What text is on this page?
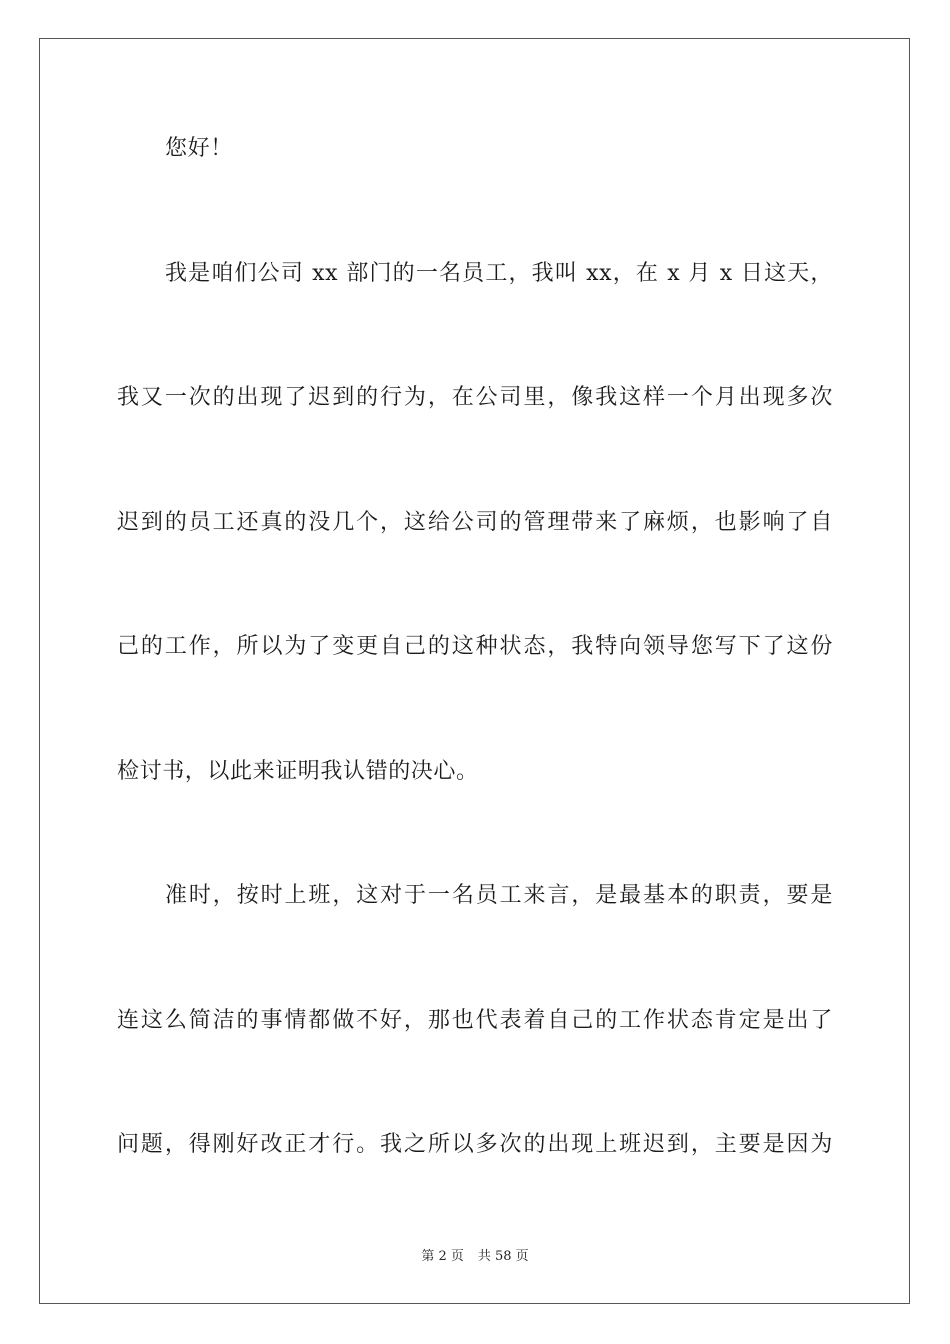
您好！
我是咱们公司 xx 部门的一名员工，我叫 xx，在 x 月 x 日这天，
我又一次的出现了迟到的行为，在公司里，像我这样一个月出现多次
迟到的员工还真的没几个，这给公司的管理带来了麻烦，也影响了自
己的工作，所以为了变更自己的这种状态，我特向领导您写下了这份
检讨书，以此来证明我认错的决心。
准时，按时上班，这对于一名员工来言，是最基本的职责，要是
连这么简洁的事情都做不好，那也代表着自己的工作状态肯定是出了
问题，得刚好改正才行。我之所以多次的出现上班迟到，主要是因为
第 2 页 共 58 页
